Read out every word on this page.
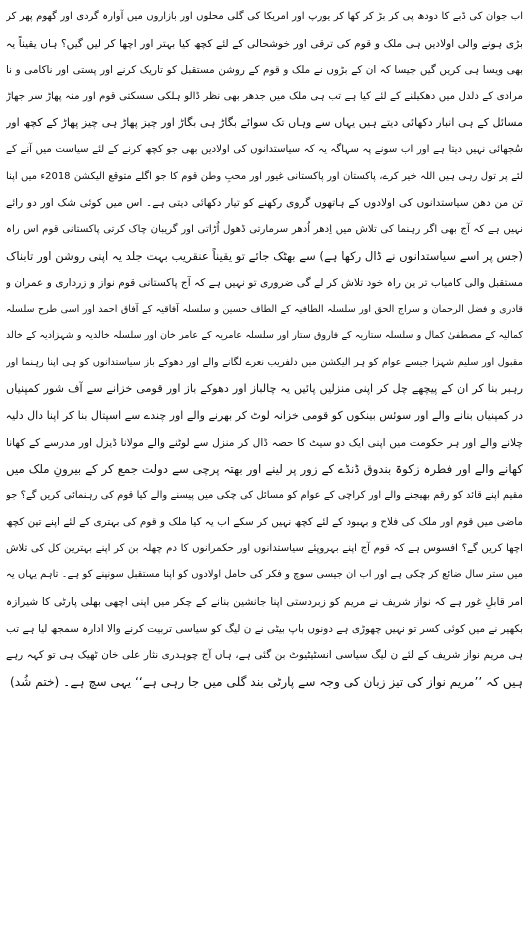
اب جوان کی ڈبے کا دودھ پی کر بڑ کر کھا کر یورپ اور امریکا کی گلی محلوں اور بازاروں میں آوارہ گردی اور گھوم پھر کر
بڑی ہونے والی اولادیں ہی ملک و قوم کی ترقی اور خوشحالی کے لئے کچھ کیا بہتر اور اچھا کر لیں گیں؟ ہاں یقیناً یہ
بھی ویسا ہی کریں گیں جیسا کہ ان کے بڑوں نے ملک و قوم کے روشن مستقبل کو تاریک کرنے اور پستی اور ناکامی و نا
مرادی کے دلدل میں دھکیلنے کے لئے کیا ہے تب ہی ملک میں جدھر بھی نظر ڈالو ہلکی سسکتی قوم اور منہ پھاڑ سر جھاڑ
مسائل کے ہی انبار دکھائی دیتے ہیں یہاں سے وہاں تک سوائے بگاڑ ہی بگاڑ اور چیز پھاڑ ہی چیز پھاڑ کے کچھ اور
سُجھائی نہیں دیتا ہے اور اب سونے پہ سہاگہ یہ کہ سیاستدانوں کی اولادیں بھی جو کچھ کرنے کے لئے سیاست میں آنے کے
لئے پر تول رہی ہیں اللہ خیر کرے، پاکستان اور پاکستانی غیور اور محبِ وطن قوم کا جو اگلے متوقع الیکشن 2018ء میں اپنا
تن من دھن سیاستدانوں کی اولادوں کے ہاتھوں گروی رکھنے کو تیار دکھائی دیتی ہے۔ اس میں کوئی شک اور دو رائے
نہیں ہے کہ آج بھی اگر رہنما کی تلاش میں اِدھر اُدھر سرمارتی ڈھول اُڑاتی اور گریبان چاک کرتی پاکستانی قوم اس راہ
(جس پر اسے سیاستدانوں نے ڈال رکھا ہے) سے بھٹک جائے تو یقیناً عنقریب بہت جلد یہ اپنی روشن اور تابناک
مستقبل والی کامیاب تر ین راہ خود تلاش کر لے گی ضروری تو نہیں ہے کہ آج پاکستانی قوم نواز و زرداری و عمران و
قادری و فضل الرحمان و سراج الحق اور سلسلہ الطافیہ کے الطاف حسین و سلسلہ آفاقیہ کے آفاق احمد اور اسی طرح سلسلہ
کمالیہ کے مصطفیٰ کمال و سلسلہ ستاریہ کے فاروق ستار اور سلسلہ عامریہ کے عامر خان اور سلسلہ خالدیہ و شہزادیہ کے خالد
مقبول اور سلیم شہزا جیسے عوام کو ہر الیکشن میں دلفریب نعرے لگانے والے اور دھوکے باز سیاستدانوں کو ہی اپنا رہنما اور
رہبر بنا کر ان کے پیچھے چل کر اپنی منزلیں پائیں یہ چالباز اور دھوکے باز اور قومی خزانے سے آف شور کمپنیاں
در کمپنیاں بنانے والے اور سوئس بینکوں کو قومی خزانہ لوٹ کر بھرنے والے اور چندے سے اسپتال بنا کر اپنا دال دلیہ
چلانے والے اور ہر حکومت میں اپنی ایک دو سیٹ کا حصہ ڈال کر منزل سے لوٹنے والے مولانا ڈیزل اور مدرسے کے کھانا
کھانے والے اور فطرہ زکوۃ بندوق ڈنڈے کے زور پر لینے اور بھتہ پرچی سے دولت جمع کر کے بیرونِ ملک میں
مقیم اپنے قائد کو رقم بھیجنے والے اور کراچی کے عوام کو مسائل کی چکی میں پیسنے والے کیا قوم کی رہنمائی کریں گے؟ جو
ماضی میں قوم اور ملک کی فلاح و بہبود کے لئے کچھ نہیں کر سکے اب یہ کیا ملک و قوم کی بہتری کے لئے اپنے تین کچھ
اچھا کریں گے؟ افسوس ہے کہ قوم آج اپنے بہروپئے سیاستدانوں اور حکمرانوں کا دم چھلہ بن کر اپنے بہترین کل کی تلاش
میں ستر سال ضائع کر چکی ہے اور اب ان جیسی سوچ و فکر کی حامل اولادوں کو اپنا مستقبل سونپنے کو ہے۔ تاہم یہاں یہ
امر قابلِ غور ہے کہ نواز شریف نے مریم کو زبردستی اپنا جانشین بنانے کے چکر میں اپنی اچھی بھلی پارٹی کا شیرازہ
بکھیر نے میں کوئی کسر تو نہیں چھوڑی ہے دونوں باپ بیٹی نے ن لیگ کو سیاسی تربیت کرنے والا ادارہ سمجھ لیا ہے تب
ہی مریم نواز شریف کے لئے ن لیگ سیاسی انسٹیٹیوٹ بن گئی ہے، ہاں آج چوہدری نثار علی خان ٹھیک ہی تو کہہ رہے
ہیں کہ ’’مریم نواز کی تیز زبان کی وجہ سے پارٹی بند گلی میں جا رہی ہے‘‘ یہی سچ ہے۔ (ختم شُد)
